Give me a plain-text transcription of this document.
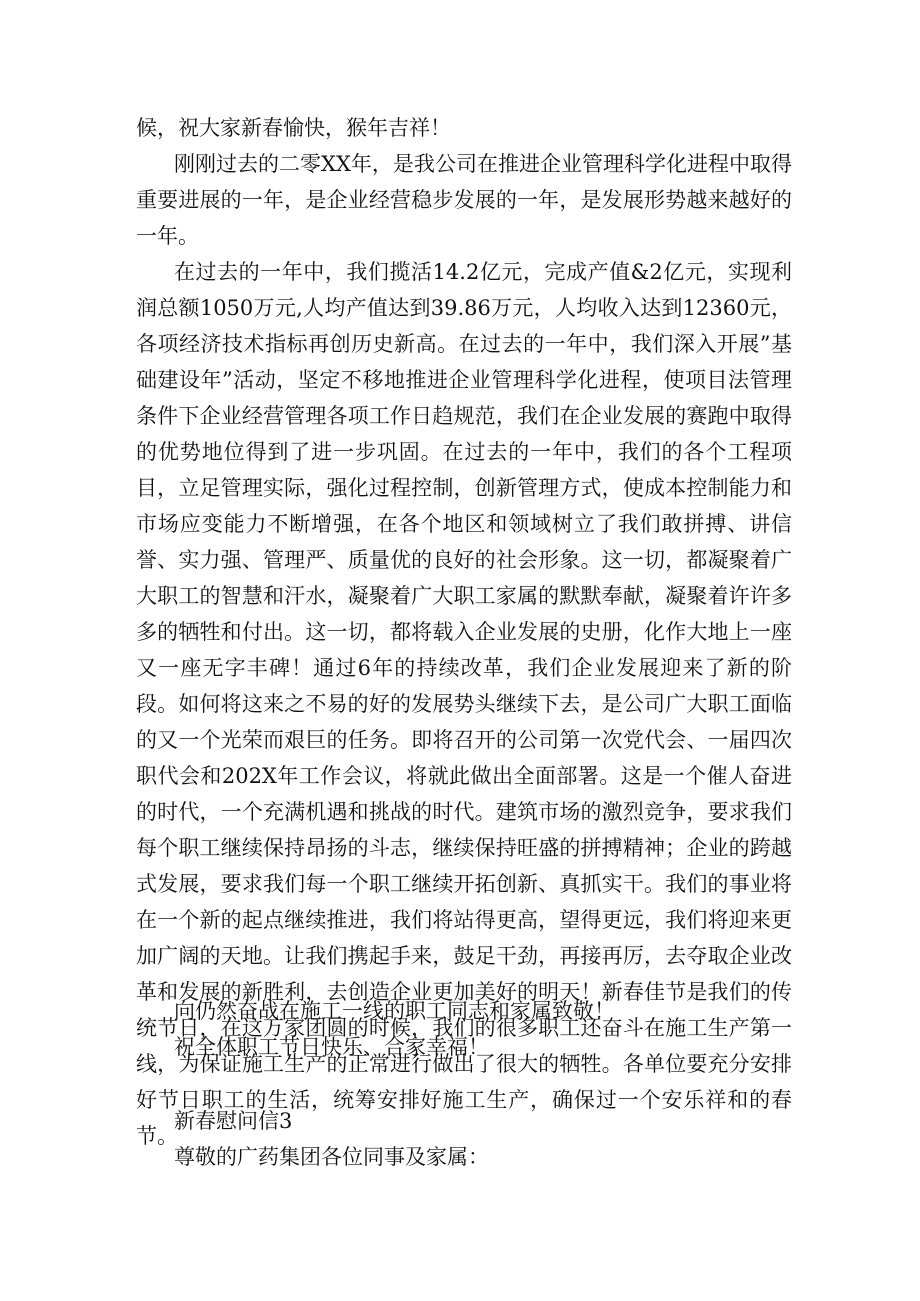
候，祝大家新春愉快，猴年吉祥！

刚刚过去的二零XX年，是我公司在推进企业管理科学化进程中取得重要进展的一年，是企业经营稳步发展的一年，是发展形势越来越好的一年。

在过去的一年中，我们揽活14.2亿元，完成产值&2亿元，实现利润总额1050万元,人均产值达到39.86万元，人均收入达到12360元，各项经济技术指标再创历史新高。在过去的一年中，我们深入开展”基础建设年”活动，坚定不移地推进企业管理科学化进程，使项目法管理条件下企业经营管理各项工作日趋规范，我们在企业发展的赛跑中取得的优势地位得到了进一步巩固。在过去的一年中，我们的各个工程项目，立足管理实际，强化过程控制，创新管理方式，使成本控制能力和市场应变能力不断增强，在各个地区和领域树立了我们敢拼搏、讲信誉、实力强、管理严、质量优的良好的社会形象。这一切，都凝聚着广大职工的智慧和汗水，凝聚着广大职工家属的默默奉献，凝聚着许许多多的牺牲和付出。这一切，都将载入企业发展的史册，化作大地上一座又一座无字丰碑！通过6年的持续改革，我们企业发展迎来了新的阶段。如何将这来之不易的好的发展势头继续下去，是公司广大职工面临的又一个光荣而艰巨的任务。即将召开的公司第一次党代会、一届四次职代会和202X年工作会议，将就此做出全面部署。这是一个催人奋进的时代，一个充满机遇和挑战的时代。建筑市场的激烈竞争，要求我们每个职工继续保持昂扬的斗志，继续保持旺盛的拼搏精神；企业的跨越式发展，要求我们每一个职工继续开拓创新、真抓实干。我们的事业将在一个新的起点继续推进，我们将站得更高，望得更远，我们将迎来更加广阔的天地。让我们携起手来，鼓足干劲，再接再厉，去夺取企业改革和发展的新胜利，去创造企业更加美好的明天！新春佳节是我们的传统节日，在这万家团圆的时候，我们的很多职工还奋斗在施工生产第一线，为保证施工生产的正常进行做出了很大的牺牲。各单位要充分安排好节日职工的生活，统筹安排好施工生产，确保过一个安乐祥和的春节。

向仍然奋战在施工一线的职工同志和家属致敬！
祝全体职工节日快乐、合家幸福！
新春慰问信3
尊敬的广药集团各位同事及家属：
